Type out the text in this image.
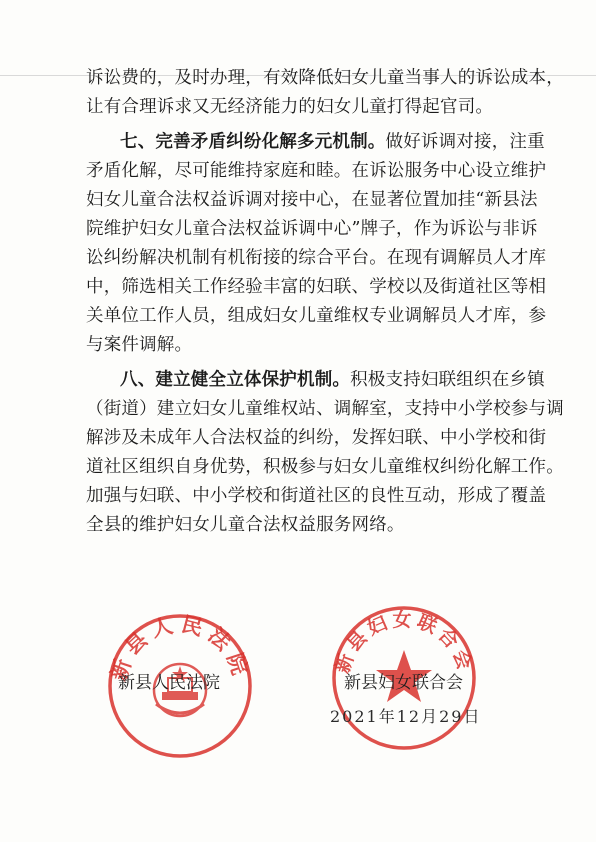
诉讼费的，及时办理，有效降低妇女儿童当事人的诉讼成本，
让有合理诉求又无经济能力的妇女儿童打得起官司。
七、完善矛盾纠纷化解多元机制。做好诉调对接，注重
矛盾化解，尽可能维持家庭和睦。在诉讼服务中心设立维护
妇女儿童合法权益诉调对接中心，在显著位置加挂“新县法
院维护妇女儿童合法权益诉调中心”牌子，作为诉讼与非诉
讼纠纷解决机制有机衔接的综合平台。在现有调解员人才库
中，筛选相关工作经验丰富的妇联、学校以及街道社区等相
关单位工作人员，组成妇女儿童维权专业调解员人才库，参
与案件调解。
八、建立健全立体保护机制。积极支持妇联组织在乡镇
（街道）建立妇女儿童维权站、调解室，支持中小学校参与调
解涉及未成年人合法权益的纠纷，发挥妇联、中小学校和街
道社区组织自身优势，积极参与妇女儿童维权纠纷化解工作。
加强与妇联、中小学校和街道社区的良性互动，形成了覆盖
全县的维护妇女儿童合法权益服务网络。
新县人民法院	新县妇女联合会
新县人民法院	新县妇女联合会
2021年12月29日
